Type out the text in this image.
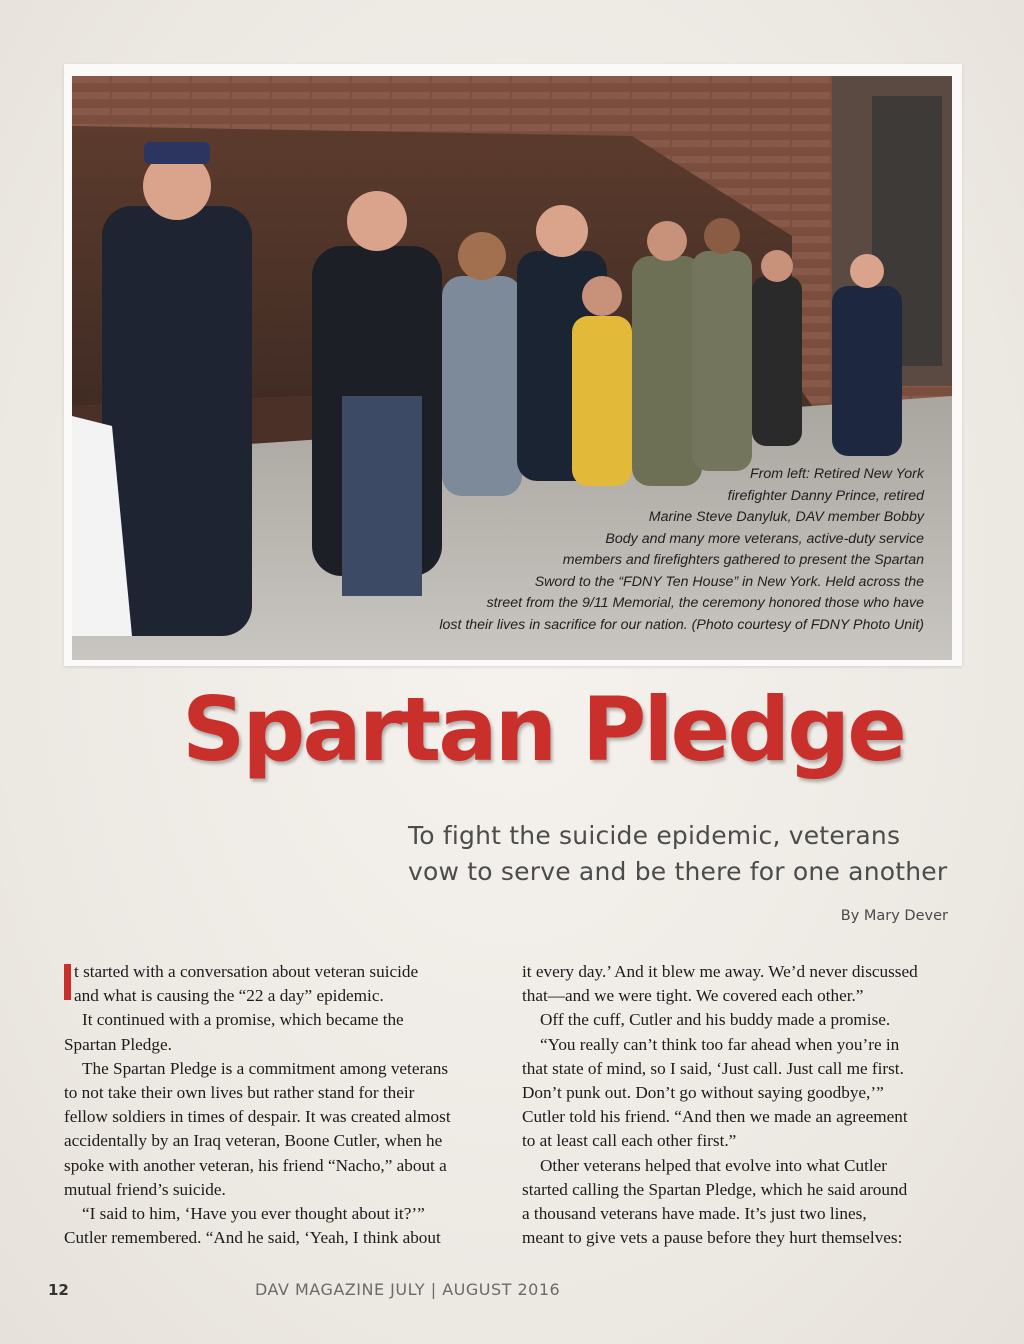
From left: Retired New York
firefighter Danny Prince, retired
Marine Steve Danyluk, DAV member Bobby
Body and many more veterans, active-duty service
members and firefighters gathered to present the Spartan
Sword to the “FDNY Ten House” in New York. Held across the
street from the 9/11 Memorial, the ceremony honored those who have
lost their lives in sacrifice for our nation. (Photo courtesy of FDNY Photo Unit)
Spartan Pledge
To fight the suicide epidemic, veterans
vow to serve and be there for one another
By Mary Dever
t started with a conversation about veteran suicide
and what is causing the “22 a day” epidemic.
It continued with a promise, which became the
Spartan Pledge.
The Spartan Pledge is a commitment among veterans
to not take their own lives but rather stand for their
fellow soldiers in times of despair. It was created almost
accidentally by an Iraq veteran, Boone Cutler, when he
spoke with another veteran, his friend “Nacho,” about a
mutual friend’s suicide.
“I said to him, ‘Have you ever thought about it?’”
Cutler remembered. “And he said, ‘Yeah, I think about
it every day.’ And it blew me away. We’d never discussed
that—and we were tight. We covered each other.”
Off the cuff, Cutler and his buddy made a promise.
“You really can’t think too far ahead when you’re in
that state of mind, so I said, ‘Just call. Just call me first.
Don’t punk out. Don’t go without saying goodbye,’”
Cutler told his friend. “And then we made an agreement
to at least call each other first.”
Other veterans helped that evolve into what Cutler
started calling the Spartan Pledge, which he said around
a thousand veterans have made. It’s just two lines,
meant to give vets a pause before they hurt themselves:
12	DAV MAGAZINE JULY | AUGUST 2016
